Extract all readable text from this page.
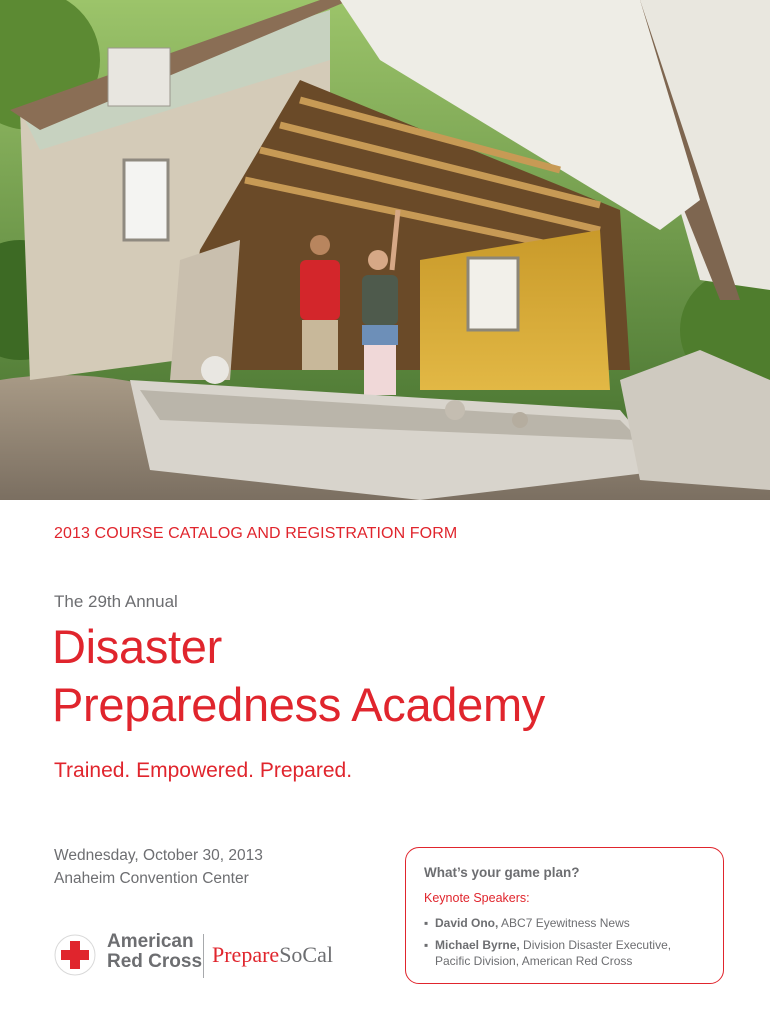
2013 COURSE CATALOG AND REGISTRATION FORM
The 29th Annual
Disaster
Preparedness Academy
Trained. Empowered. Prepared.
Wednesday, October 30, 2013
Anaheim Convention Center
American
Red Cross PrepareSoCal
What’s your game plan?
Keynote Speakers:
▪ David Ono, ABC7 Eyewitness News
▪ Michael Byrne, Division Disaster Executive,
Pacific Division, American Red Cross
